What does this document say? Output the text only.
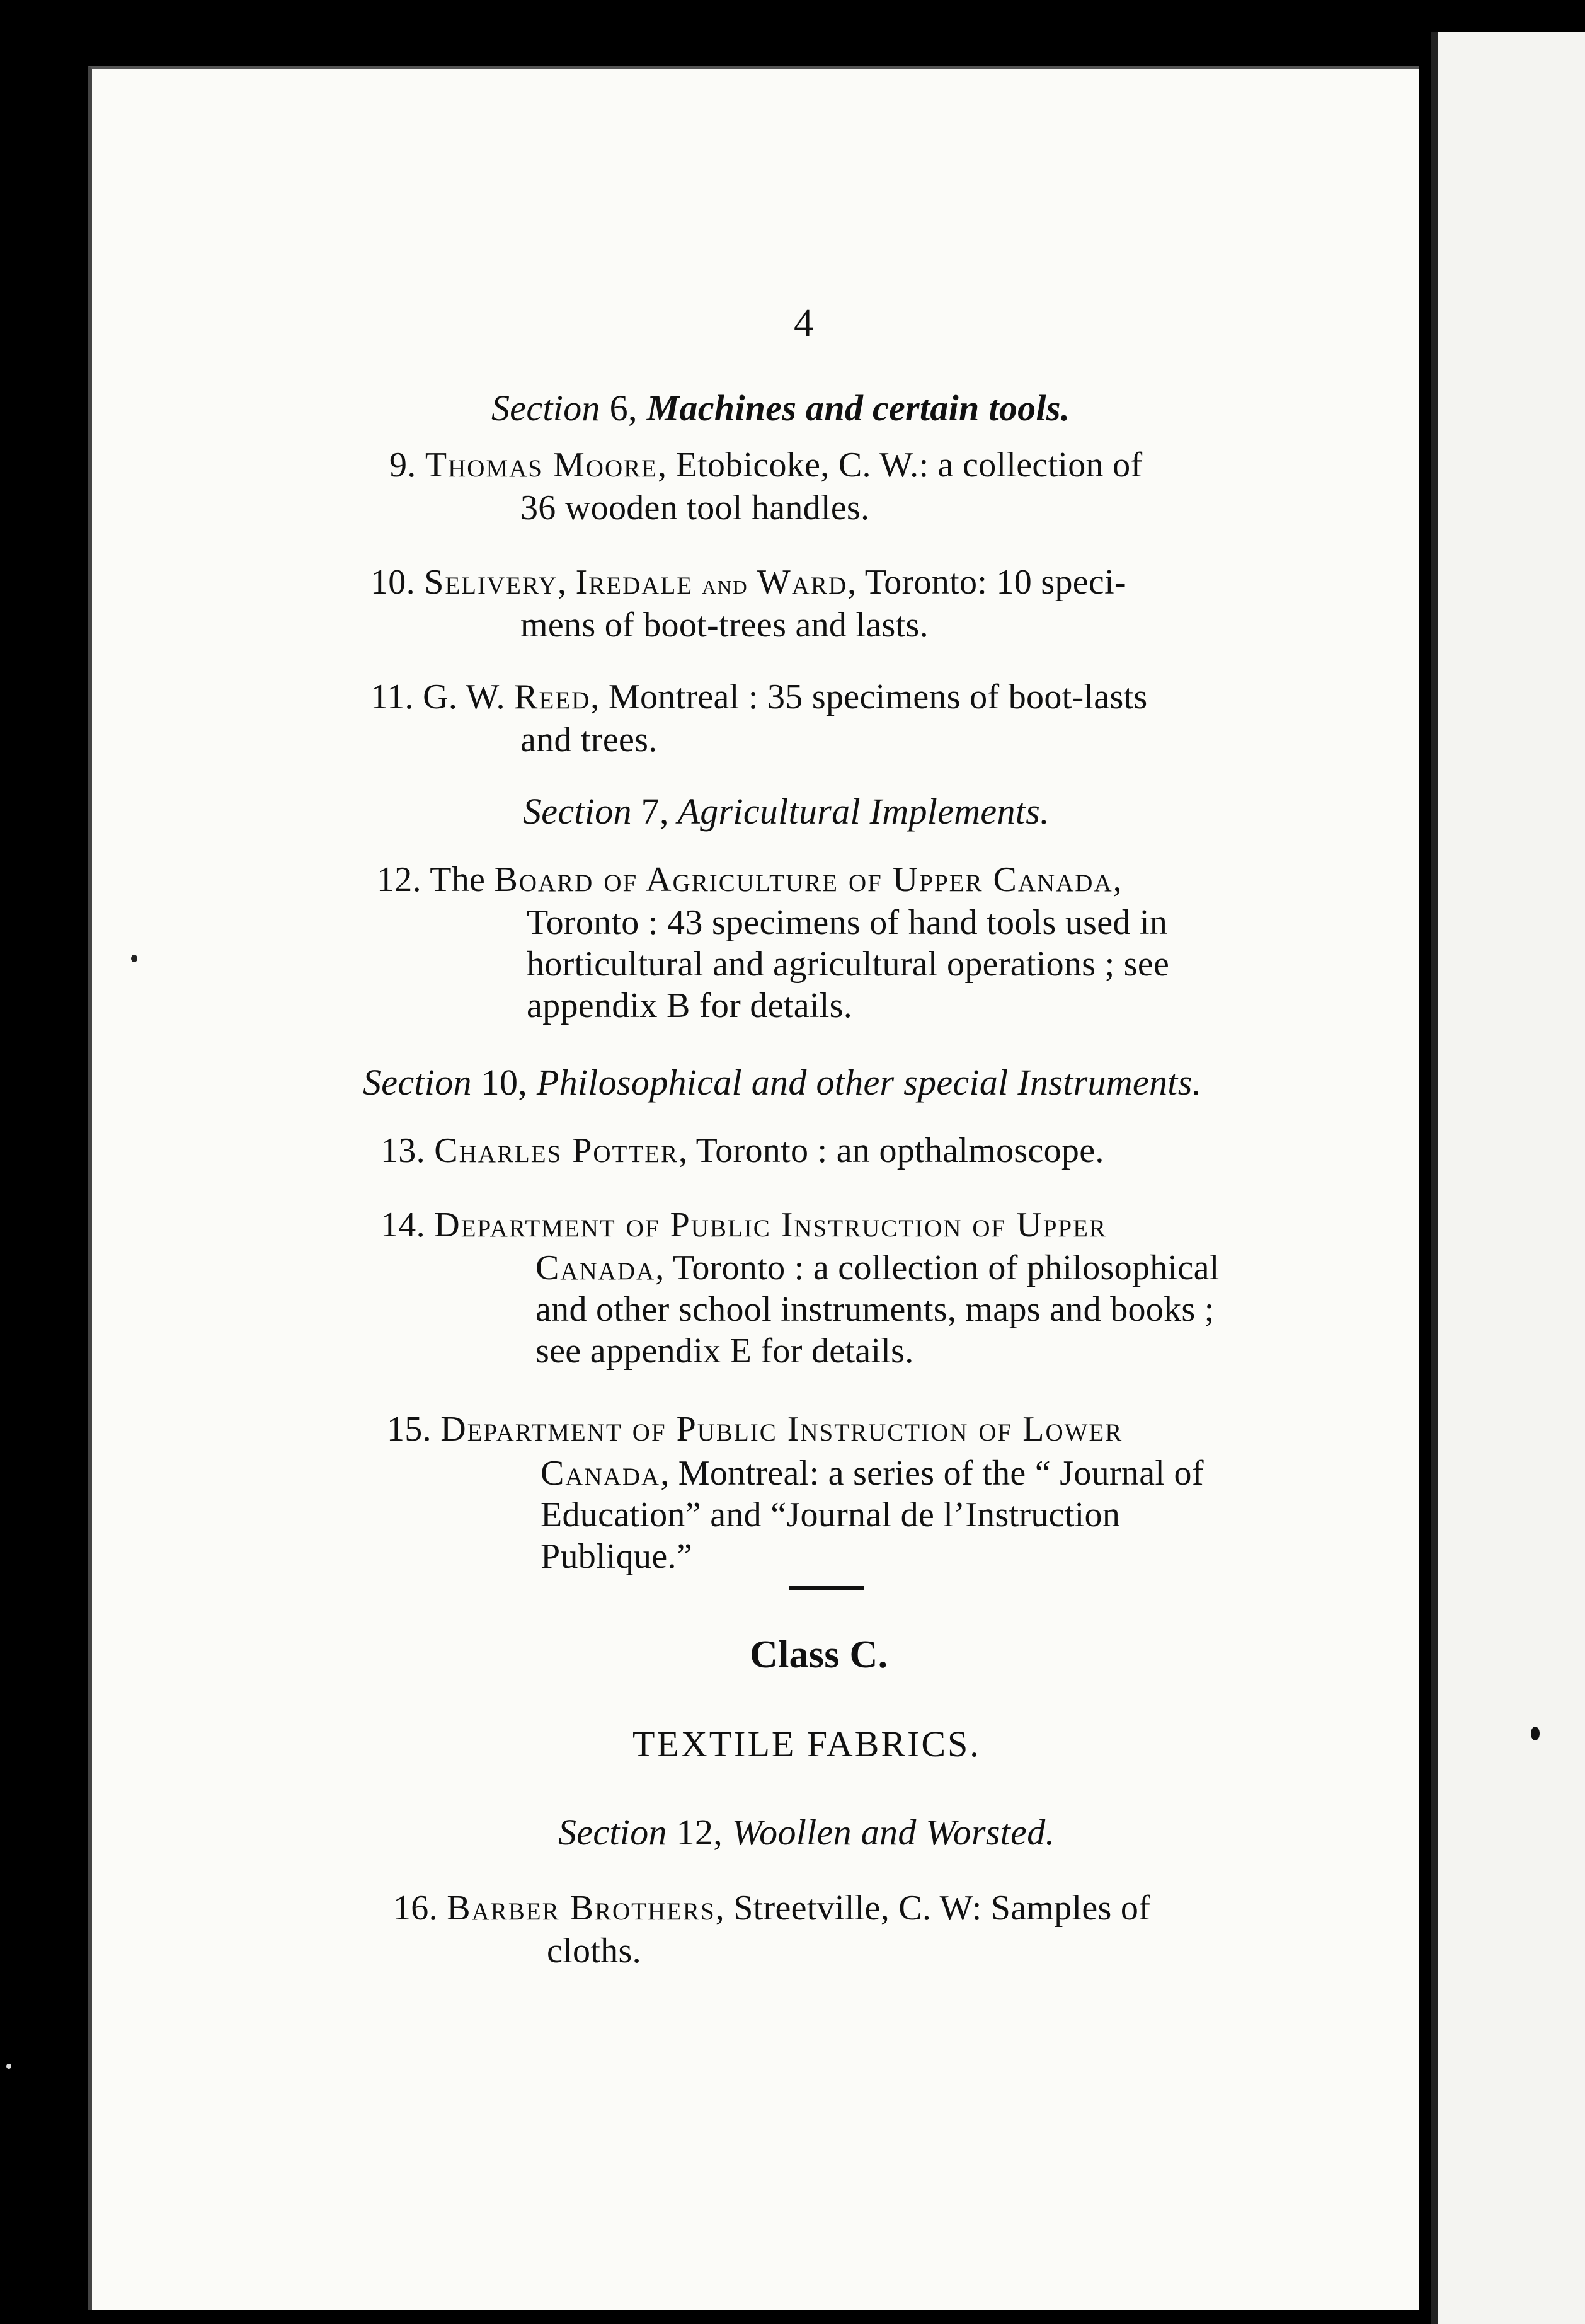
4
Section 6, Machines and certain tools.
9. Thomas Moore, Etobicoke, C. W.: a collection of
36 wooden tool handles.
10. Selivery, Iredale and Ward, Toronto: 10 speci-
mens of boot-trees and lasts.
11. G. W. Reed, Montreal : 35 specimens of boot-lasts
and trees.
Section 7, Agricultural Implements.
12. The Board of Agriculture of Upper Canada,
Toronto : 43 specimens of hand tools used in
horticultural and agricultural operations ; see
appendix B for details.
Section 10, Philosophical and other special Instruments.
13. Charles Potter, Toronto : an opthalmoscope.
14. Department of Public Instruction of Upper
Canada, Toronto : a collection of philosophical
and other school instruments, maps and books ;
see appendix E for details.
15. Department of Public Instruction of Lower
Canada, Montreal: a series of the “ Journal of
Education” and “Journal de l’Instruction
Publique.”
Class C.
TEXTILE FABRICS.
Section 12, Woollen and Worsted.
16. Barber Brothers, Streetville, C. W: Samples of
cloths.
